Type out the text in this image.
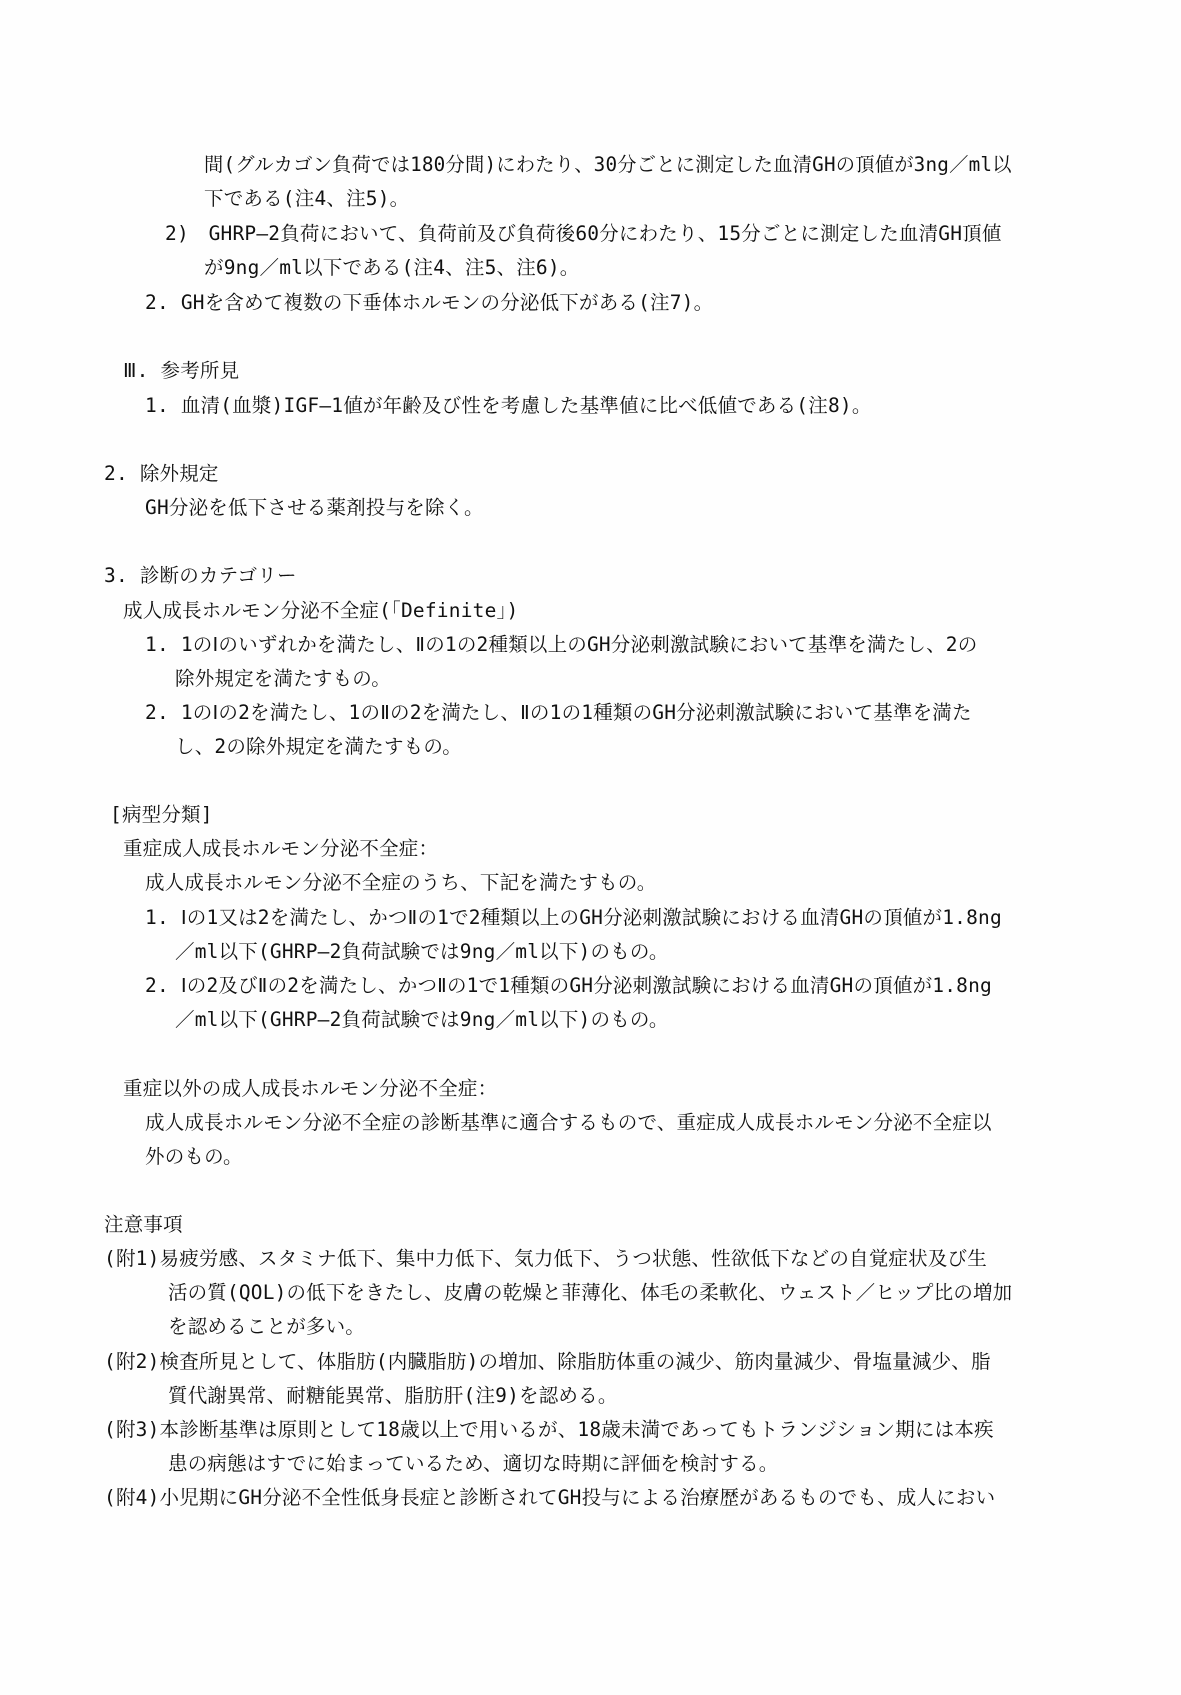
間(グルカゴン負荷では180分間)にわたり、30分ごとに測定した血清GHの頂値が3ng／ml以
下である(注4、注5)。
2)　GHRP―2負荷において、負荷前及び負荷後60分にわたり、15分ごとに測定した血清GH頂値
が9ng／ml以下である(注4、注5、注6)。
2. GHを含めて複数の下垂体ホルモンの分泌低下がある(注7)。
Ⅲ. 参考所見
1. 血清(血漿)IGF―1値が年齢及び性を考慮した基準値に比べ低値である(注8)。
2. 除外規定
GH分泌を低下させる薬剤投与を除く。
3. 診断のカテゴリー
成人成長ホルモン分泌不全症(「Definite」)
1. 1のⅠのいずれかを満たし、Ⅱの1の2種類以上のGH分泌刺激試験において基準を満たし、2の
除外規定を満たすもの。
2. 1のⅠの2を満たし、1のⅡの2を満たし、Ⅱの1の1種類のGH分泌刺激試験において基準を満た
し、2の除外規定を満たすもの。
[病型分類]
重症成人成長ホルモン分泌不全症：
成人成長ホルモン分泌不全症のうち、下記を満たすもの。
1. Ⅰの1又は2を満たし、かつⅡの1で2種類以上のGH分泌刺激試験における血清GHの頂値が1.8ng
／ml以下(GHRP―2負荷試験では9ng／ml以下)のもの。
2. Ⅰの2及びⅡの2を満たし、かつⅡの1で1種類のGH分泌刺激試験における血清GHの頂値が1.8ng
／ml以下(GHRP―2負荷試験では9ng／ml以下)のもの。
重症以外の成人成長ホルモン分泌不全症：
成人成長ホルモン分泌不全症の診断基準に適合するもので、重症成人成長ホルモン分泌不全症以
外のもの。
注意事項
(附1)易疲労感、スタミナ低下、集中力低下、気力低下、うつ状態、性欲低下などの自覚症状及び生
活の質(QOL)の低下をきたし、皮膚の乾燥と菲薄化、体毛の柔軟化、ウェスト／ヒップ比の増加
を認めることが多い。
(附2)検査所見として、体脂肪(内臓脂肪)の増加、除脂肪体重の減少、筋肉量減少、骨塩量減少、脂
質代謝異常、耐糖能異常、脂肪肝(注9)を認める。
(附3)本診断基準は原則として18歳以上で用いるが、18歳未満であってもトランジション期には本疾
患の病態はすでに始まっているため、適切な時期に評価を検討する。
(附4)小児期にGH分泌不全性低身長症と診断されてGH投与による治療歴があるものでも、成人におい
